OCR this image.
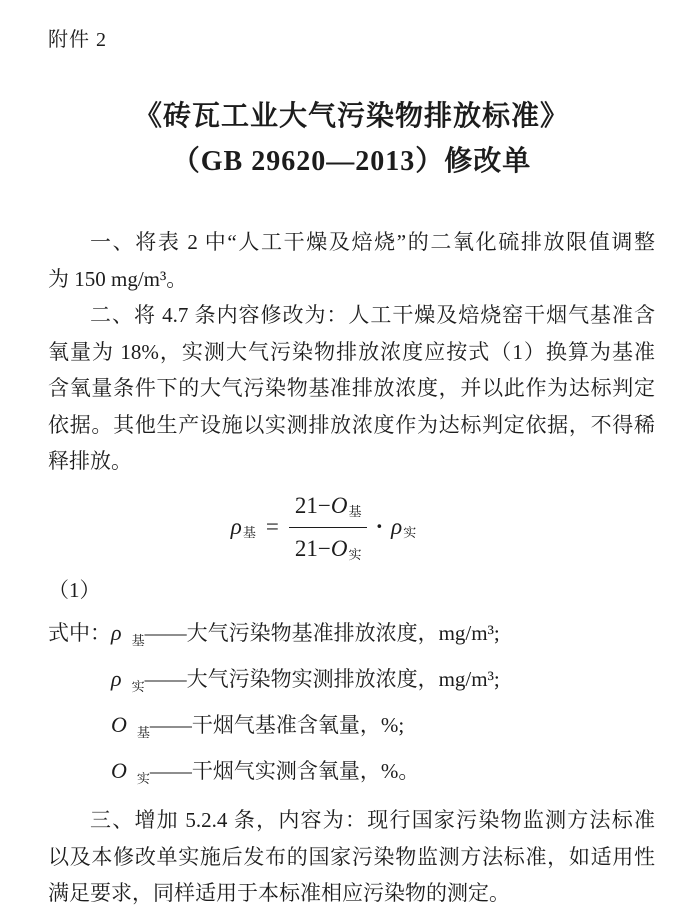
附件 2
《砖瓦工业大气污染物排放标准》
（GB 29620—2013）修改单
一、将表 2 中“人工干燥及焙烧”的二氧化硫排放限值调整
为 150 mg/m³。
二、将 4.7 条内容修改为：人工干燥及焙烧窑干烟气基准含
氧量为 18%，实测大气污染物排放浓度应按式（1）换算为基准
含氧量条件下的大气污染物基准排放浓度，并以此作为达标判定
依据。其他生产设施以实测排放浓度作为达标判定依据，不得稀
释排放。
ρ 基 = $\frac{\text{21− O 基}}{\text{21− O 实}} \cdot \rho$ 实
（1）
式中：ρ $_基$——大气污染物基准排放浓度，mg/m³;
ρ $_实$——大气污染物实测排放浓度，mg/m³;
O $_基$——干烟气基准含氧量，%;
O $_实$——干烟气实测含氧量，%。
三、增加 5.2.4 条，内容为：现行国家污染物监测方法标准
以及本修改单实施后发布的国家污染物监测方法标准，如适用性
满足要求，同样适用于本标准相应污染物的测定。
